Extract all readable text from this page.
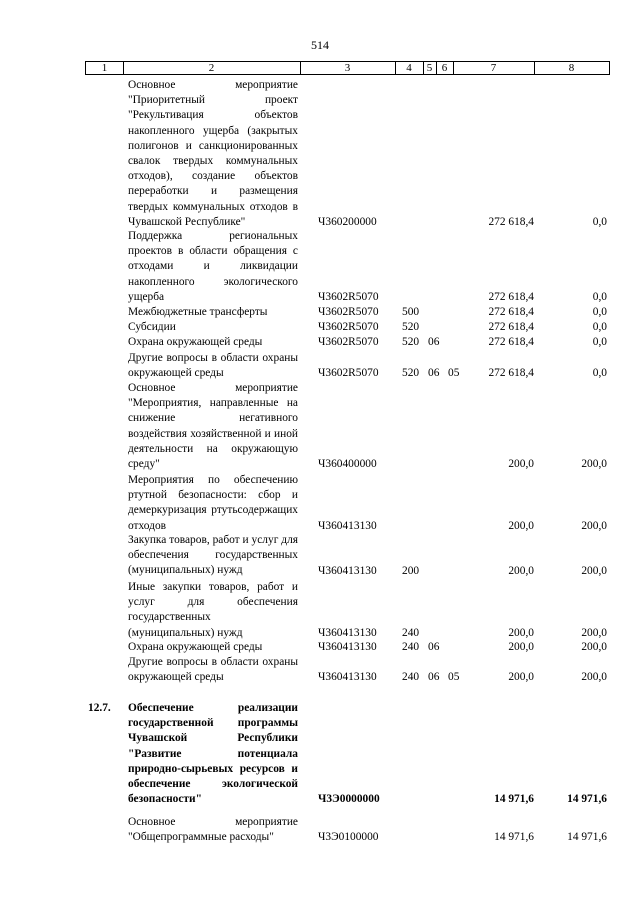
514
1	2	3	4	5 6	7	8
Основное мероприятие "Приоритетный проект "Рекультивация объектов накопленного ущерба (закрытых полигонов и санкционированных свалок твердых коммунальных отходов), создание объектов переработки и размещения твердых коммунальных отходов в Чувашской Республике"	Ч360200000	272 618,4	0,0
Поддержка региональных проектов в области обращения с отходами и ликвидации накопленного экологического ущерба	Ч3602R5070	272 618,4	0,0
Межбюджетные трансферты	Ч3602R5070 500	272 618,4	0,0
Субсидии	Ч3602R5070 520	272 618,4	0,0
Охрана окружающей среды	Ч3602R5070 520 06	272 618,4	0,0
Другие вопросы в области охраны окружающей среды	Ч3602R5070 520 06 05	272 618,4	0,0
Основное мероприятие "Мероприятия, направленные на снижение негативного воздействия хозяйственной и иной деятельности на окружающую среду"	Ч360400000	200,0	200,0
Мероприятия по обеспечению ртутной безопасности: сбор и демеркуризация ртутьсодержащих отходов	Ч360413130	200,0	200,0
Закупка товаров, работ и услуг для обеспечения государственных (муниципальных) нужд	Ч360413130 200	200,0	200,0
Иные закупки товаров, работ и услуг для обеспечения государственных (муниципальных) нужд	Ч360413130 240	200,0	200,0
Охрана окружающей среды	Ч360413130 240 06	200,0	200,0
Другие вопросы в области охраны окружающей среды	Ч360413130 240 06 05	200,0	200,0
12.7. Обеспечение реализации государственной программы Чувашской Республики "Развитие потенциала природно-сырьевых ресурсов и обеспечение экологической безопасности"	Ч3Э0000000	14 971,6	14 971,6
Основное мероприятие "Общепрограммные расходы"	Ч3Э0100000	14 971,6	14 971,6
